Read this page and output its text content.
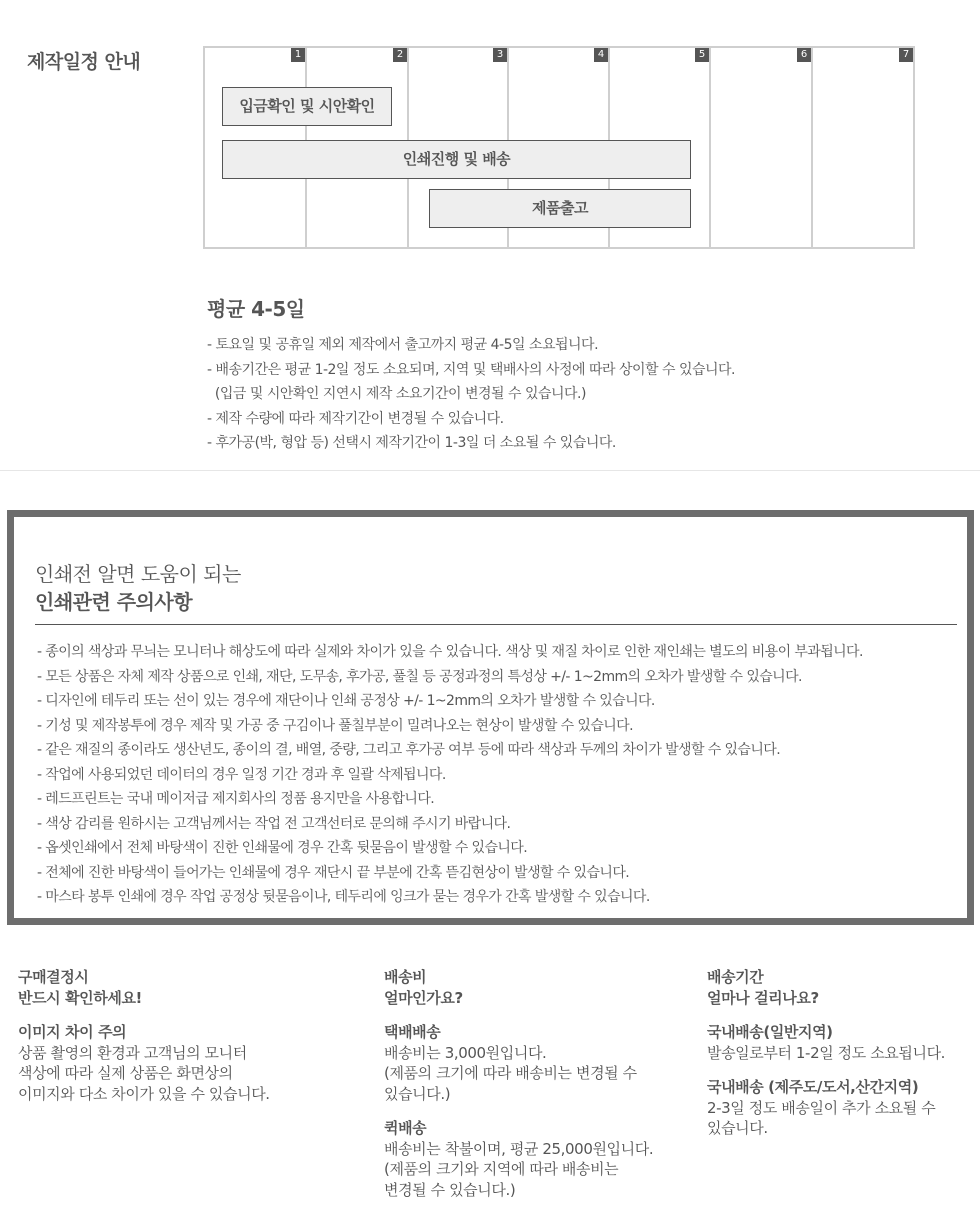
제작일정 안내	1	2	3	4	5	6	7
입금확인 및 시안확인
인쇄진행 및 배송
제품출고
평균 4-5일
- 토요일 및 공휴일 제외 제작에서 출고까지 평균 4-5일 소요됩니다.
- 배송기간은 평균 1-2일 정도 소요되며, 지역 및 택배사의 사정에 따라 상이할 수 있습니다.
(입금 및 시안확인 지연시 제작 소요기간이 변경될 수 있습니다.)
- 제작 수량에 따라 제작기간이 변경될 수 있습니다.
- 후가공(박, 형압 등) 선택시 제작기간이 1-3일 더 소요될 수 있습니다.
인쇄전 알면 도움이 되는
인쇄관련 주의사항
- 종이의 색상과 무늬는 모니터나 해상도에 따라 실제와 차이가 있을 수 있습니다. 색상 및 재질 차이로 인한 재인쇄는 별도의 비용이 부과됩니다.
- 모든 상품은 자체 제작 상품으로 인쇄, 재단, 도무송, 후가공, 풀칠 등 공정과정의 특성상 +/- 1~2mm의 오차가 발생할 수 있습니다.
- 디자인에 테두리 또는 선이 있는 경우에 재단이나 인쇄 공정상 +/- 1~2mm의 오차가 발생할 수 있습니다.
- 기성 및 제작봉투에 경우 제작 및 가공 중 구김이나 풀칠부분이 밀려나오는 현상이 발생할 수 있습니다.
- 같은 재질의 종이라도 생산년도, 종이의 결, 배열, 중량, 그리고 후가공 여부 등에 따라 색상과 두께의 차이가 발생할 수 있습니다.
- 작업에 사용되었던 데이터의 경우 일정 기간 경과 후 일괄 삭제됩니다.
- 레드프린트는 국내 메이저급 제지회사의 정품 용지만을 사용합니다.
- 색상 감리를 원하시는 고객님께서는 작업 전 고객선터로 문의해 주시기 바랍니다.
- 옵셋인쇄에서 전체 바탕색이 진한 인쇄물에 경우 간혹 뒷묻음이 발생할 수 있습니다.
- 전체에 진한 바탕색이 들어가는 인쇄물에 경우 재단시 끝 부분에 간혹 뜯김현상이 발생할 수 있습니다.
- 마스타 봉투 인쇄에 경우 작업 공정상 뒷묻음이나, 테두리에 잉크가 묻는 경우가 간혹 발생할 수 있습니다.
구매결정시
반드시 확인하세요!
이미지 차이 주의
상품 촬영의 환경과 고객님의 모니터
색상에 따라 실제 상품은 화면상의
이미지와 다소 차이가 있을 수 있습니다.
배송비
얼마인가요?
택배배송
배송비는 3,000원입니다.
(제품의 크기에 따라 배송비는 변경될 수
있습니다.)
퀵배송
배송비는 착불이며, 평균 25,000원입니다.
(제품의 크기와 지역에 따라 배송비는
변경될 수 있습니다.)
배송기간
얼마나 걸리나요?
국내배송(일반지역)
발송일로부터 1-2일 정도 소요됩니다.
국내배송 (제주도/도서,산간지역)
2-3일 정도 배송일이 추가 소요될 수
있습니다.
